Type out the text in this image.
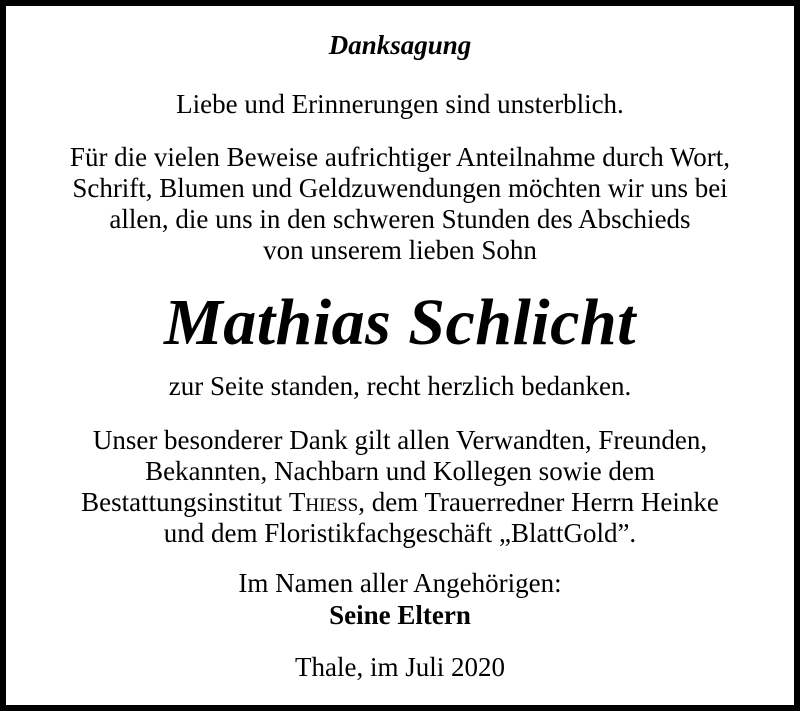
Danksagung
Liebe und Erinnerungen sind unsterblich.
Für die vielen Beweise aufrichtiger Anteilnahme durch Wort,
Schrift, Blumen und Geldzuwendungen möchten wir uns bei
allen, die uns in den schweren Stunden des Abschieds
von unserem lieben Sohn
Mathias Schlicht
zur Seite standen, recht herzlich bedanken.
Unser besonderer Dank gilt allen Verwandten, Freunden,
Bekannten, Nachbarn und Kollegen sowie dem
Bestattungsinstitut Thieß, dem Trauerredner Herrn Heinke
und dem Floristikfachgeschäft „BlattGold”.
Im Namen aller Angehörigen:
Seine Eltern
Thale, im Juli 2020
